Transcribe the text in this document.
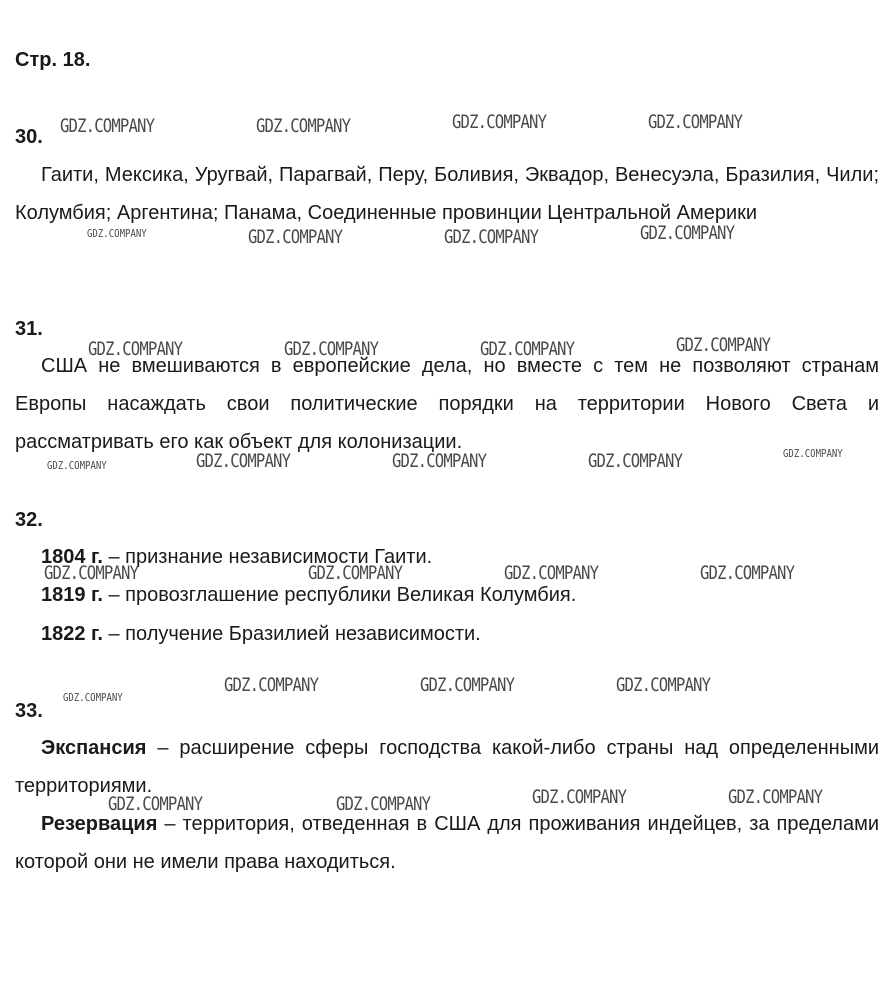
Стр. 18.
30.

Гаити, Мексика, Уругвай, Парагвай, Перу, Боливия, Эквадор, Венесуэла, Бразилия, Чили; Колумбия; Аргентина; Панама, Соединенные провинции Центральной Америки

31.

США не вмешиваются в европейские дела, но вместе с тем не позволяют странам Европы насаждать свои политические порядки на территории Нового Света и рассматривать его как объект для колонизации.

32.

1804 г. – признание независимости Гаити.

1819 г. – провозглашение республики Великая Колумбия.

1822 г. – получение Бразилией независимости.

33.

Экспансия – расширение сферы господства какой-либо страны над определенными территориями.

Резервация – территория, отведенная в США для проживания индейцев, за пределами которой они не имели права находиться.

GDZ.COMPANY	GDZ.COMPANY	GDZ.COMPANY	GDZ.COMPANY
GDZ.COMPANY	GDZ.COMPANY	GDZ.COMPANY	GDZ.COMPANY
GDZ.COMPANY	GDZ.COMPANY	GDZ.COMPANY	GDZ.COMPANY
GDZ.COMPANY	GDZ.COMPANY	GDZ.COMPANY	GDZ.COMPANY	GDZ.COMPANY
GDZ.COMPANY	GDZ.COMPANY	GDZ.COMPANY	GDZ.COMPANY
GDZ.COMPANY
GDZ.COMPANY	GDZ.COMPANY	GDZ.COMPANY
GDZ.COMPANY	GDZ.COMPANY	GDZ.COMPANY	GDZ.COMPANY
